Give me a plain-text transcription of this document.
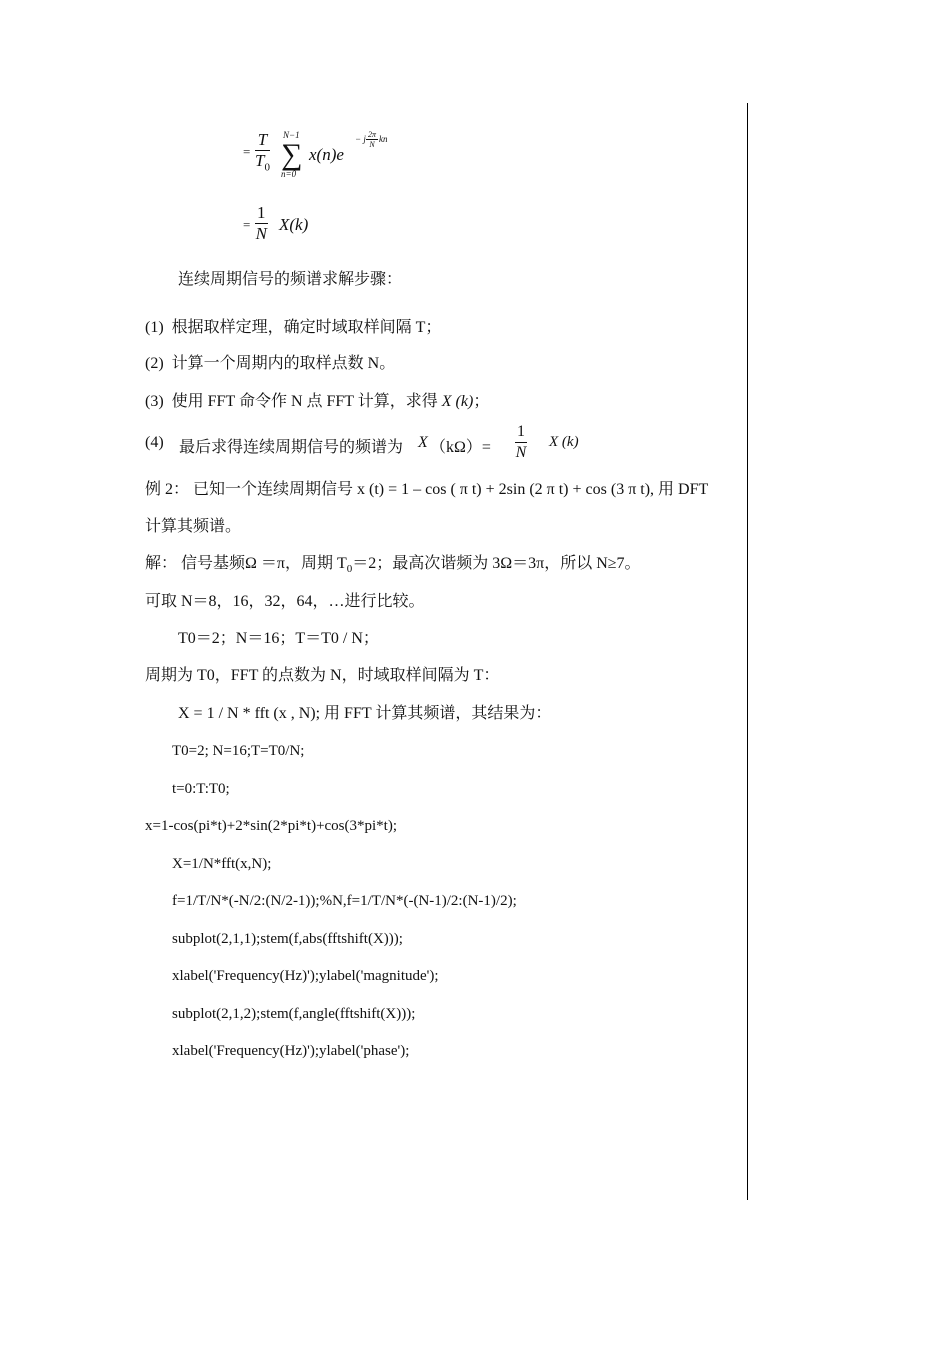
= $\frac{T}{T_0} N-1$
∑
n=0
x(n)e
− j $\frac{2\pi}{N}$ kn
= $\frac{1}{N} X(k)$
连续周期信号的频谱求解步骤：
(1) 根据取样定理，确定时域取样间隔 T；
(2) 计算一个周期内的取样点数 N。
(3) 使用 FFT 命令作 N 点 FFT 计算，求得 X (k)；
(4) 最后求得连续周期信号的频谱为 X $(k\Omega)= \frac{1}{N}$ X (k)
例 2： 已知一个连续周期信号 x (t) = 1 – cos ( π t) + 2sin (2 π t) + cos (3 π t), 用 DFT
计算其频谱。
解： 信号基频Ω ＝π，周期 $T_0=2$；最高次谐频为 3Ω＝3π，所以 N≥7。
可取 N＝8，16，32，64，…进行比较。
T0＝2；N＝16；T＝T0 / N；
周期为 T0，FFT 的点数为 N，时域取样间隔为 T：
X = 1 / N * fft (x , N); 用 FFT 计算其频谱，其结果为：
T0=2; N=16;T=T0/N;
t=0:T:T0;
x=1-cos(pi*t)+2*sin(2*pi*t)+cos(3*pi*t);
X=1/N*fft(x,N);
f=1/T/N*(-N/2:(N/2-1));%N,f=1/T/N*(-(N-1)/2:(N-1)/2);
subplot(2,1,1);stem(f,abs(fftshift(X)));
xlabel('Frequency(Hz)');ylabel('magnitude');
subplot(2,1,2);stem(f,angle(fftshift(X)));
xlabel('Frequency(Hz)');ylabel('phase');
